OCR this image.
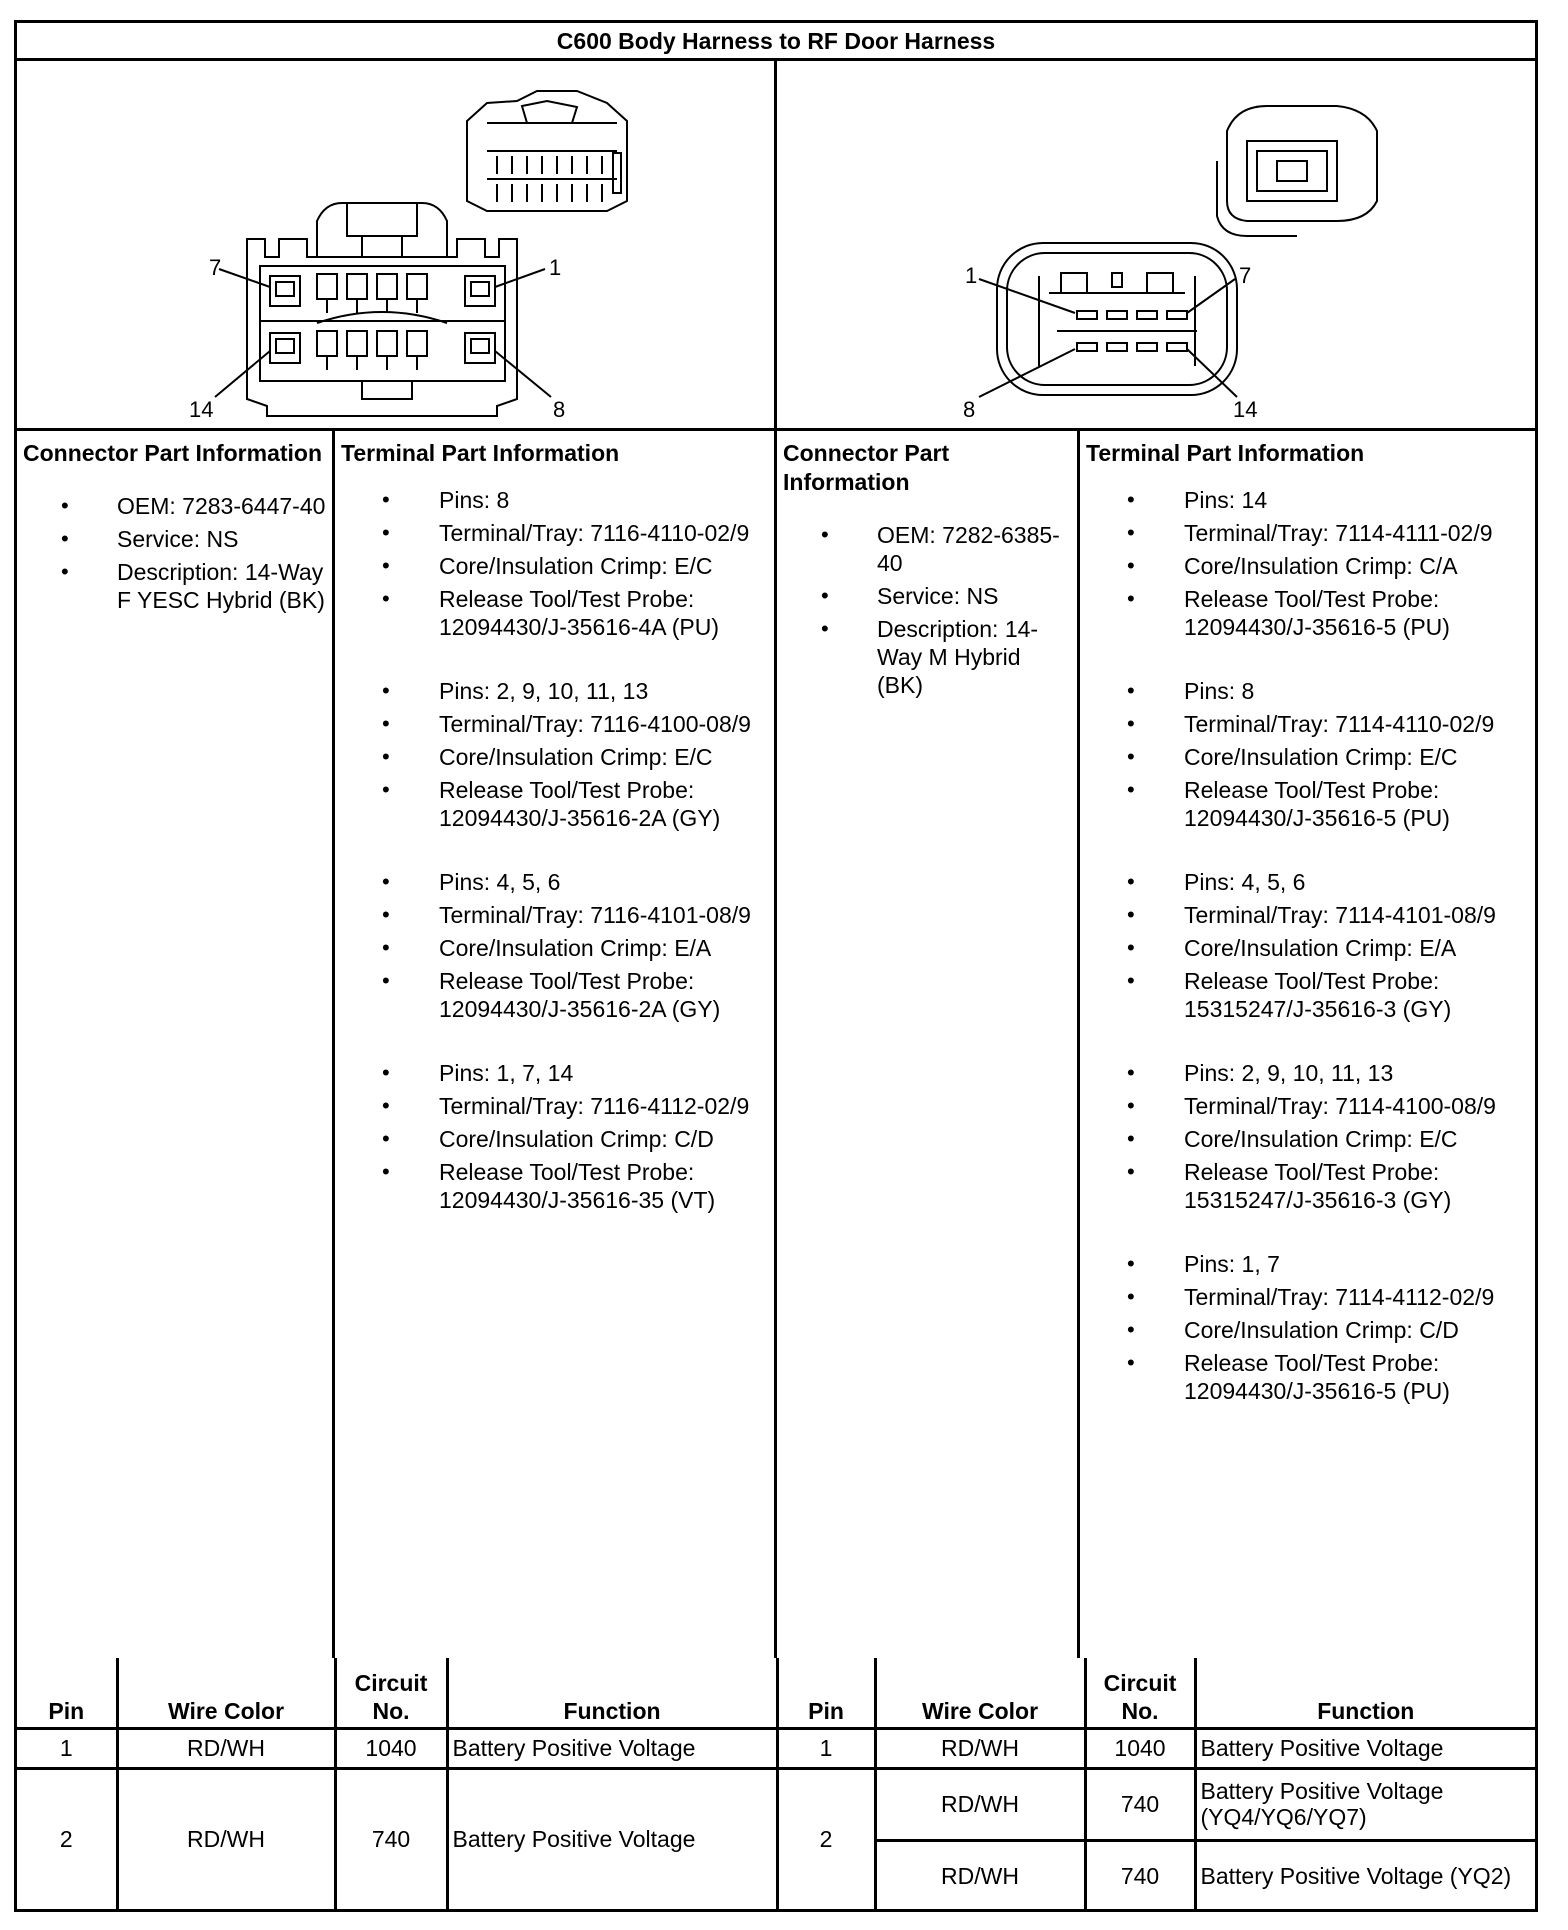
C600 Body Harness to RF Door Harness
7	1
14	8
1	7
8	14
Connector Part Information
• OEM: 7283-6447-40
• Service: NS
• Description: 14-Way F YESC Hybrid (BK)
Terminal Part Information
• Pins: 8
• Terminal/Tray: 7116-4110-02/9
• Core/Insulation Crimp: E/C
• Release Tool/Test Probe: 12094430/J-35616-4A (PU)
• Pins: 2, 9, 10, 11, 13
• Terminal/Tray: 7116-4100-08/9
• Core/Insulation Crimp: E/C
• Release Tool/Test Probe: 12094430/J-35616-2A (GY)
• Pins: 4, 5, 6
• Terminal/Tray: 7116-4101-08/9
• Core/Insulation Crimp: E/A
• Release Tool/Test Probe: 12094430/J-35616-2A (GY)
• Pins: 1, 7, 14
• Terminal/Tray: 7116-4112-02/9
• Core/Insulation Crimp: C/D
• Release Tool/Test Probe: 12094430/J-35616-35 (VT)
Connector Part Information
• OEM: 7282-6385-40
• Service: NS
• Description: 14-Way M Hybrid (BK)
Terminal Part Information
• Pins: 14
• Terminal/Tray: 7114-4111-02/9
• Core/Insulation Crimp: C/A
• Release Tool/Test Probe: 12094430/J-35616-5 (PU)
• Pins: 8
• Terminal/Tray: 7114-4110-02/9
• Core/Insulation Crimp: E/C
• Release Tool/Test Probe: 12094430/J-35616-5 (PU)
• Pins: 4, 5, 6
• Terminal/Tray: 7114-4101-08/9
• Core/Insulation Crimp: E/A
• Release Tool/Test Probe: 15315247/J-35616-3 (GY)
• Pins: 2, 9, 10, 11, 13
• Terminal/Tray: 7114-4100-08/9
• Core/Insulation Crimp: E/C
• Release Tool/Test Probe: 15315247/J-35616-3 (GY)
• Pins: 1, 7
• Terminal/Tray: 7114-4112-02/9
• Core/Insulation Crimp: C/D
• Release Tool/Test Probe: 12094430/J-35616-5 (PU)
Pin	Wire Color	Circuit No.	Function	Pin	Wire Color	Circuit No.	Function
1	RD/WH	1040	Battery Positive Voltage	1	RD/WH	1040	Battery Positive Voltage
2	RD/WH	740	Battery Positive Voltage	2	RD/WH	740	Battery Positive Voltage (YQ4/YQ6/YQ7)
					RD/WH	740	Battery Positive Voltage (YQ2)
